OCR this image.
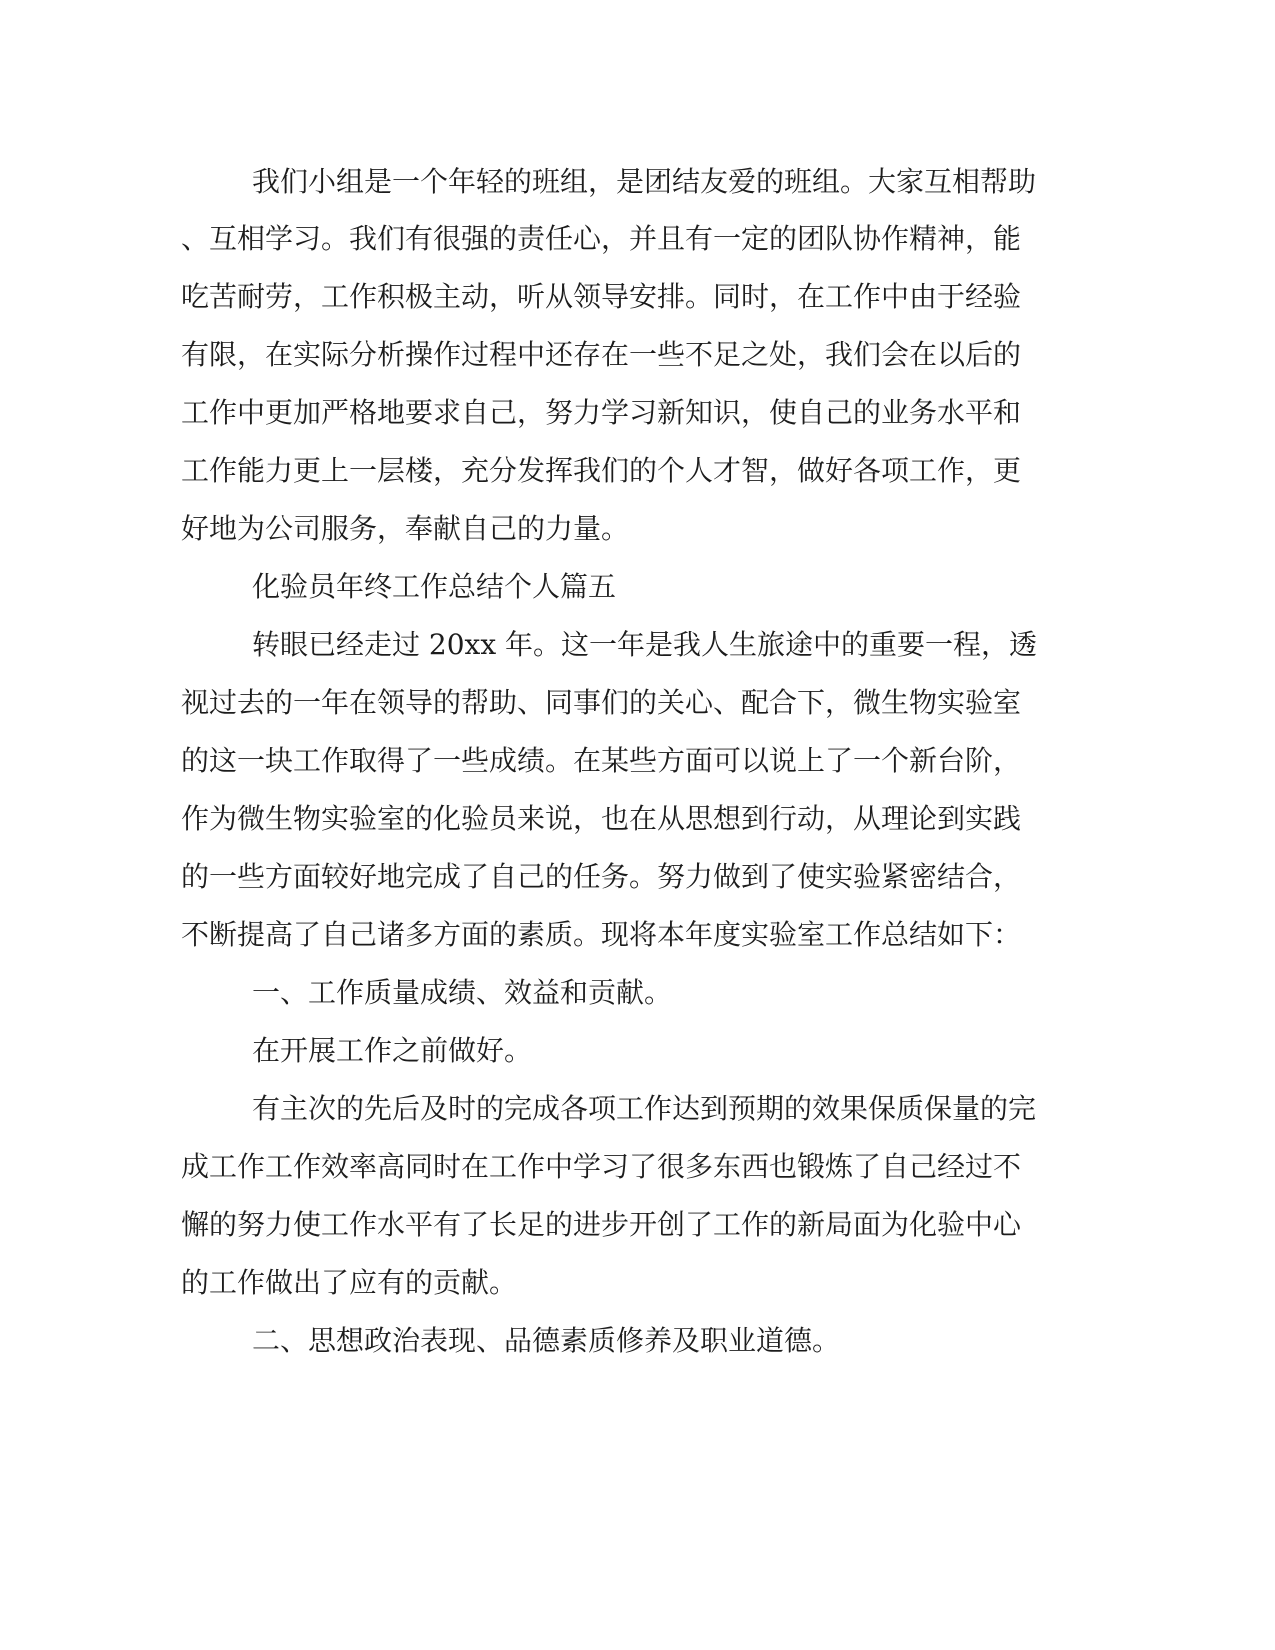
我们小组是一个年轻的班组，是团结友爱的班组。大家互相帮助
、互相学习。我们有很强的责任心，并且有一定的团队协作精神，能
吃苦耐劳，工作积极主动，听从领导安排。同时，在工作中由于经验
有限，在实际分析操作过程中还存在一些不足之处，我们会在以后的
工作中更加严格地要求自己，努力学习新知识，使自己的业务水平和
工作能力更上一层楼，充分发挥我们的个人才智，做好各项工作，更
好地为公司服务，奉献自己的力量。
化验员年终工作总结个人篇五
转眼已经走过 20xx 年。这一年是我人生旅途中的重要一程，透
视过去的一年在领导的帮助、同事们的关心、配合下，微生物实验室
的这一块工作取得了一些成绩。在某些方面可以说上了一个新台阶，
作为微生物实验室的化验员来说，也在从思想到行动，从理论到实践
的一些方面较好地完成了自己的任务。努力做到了使实验紧密结合，
不断提高了自己诸多方面的素质。现将本年度实验室工作总结如下：
一、工作质量成绩、效益和贡献。
在开展工作之前做好。
有主次的先后及时的完成各项工作达到预期的效果保质保量的完
成工作工作效率高同时在工作中学习了很多东西也锻炼了自己经过不
懈的努力使工作水平有了长足的进步开创了工作的新局面为化验中心
的工作做出了应有的贡献。
二、思想政治表现、品德素质修养及职业道德。
